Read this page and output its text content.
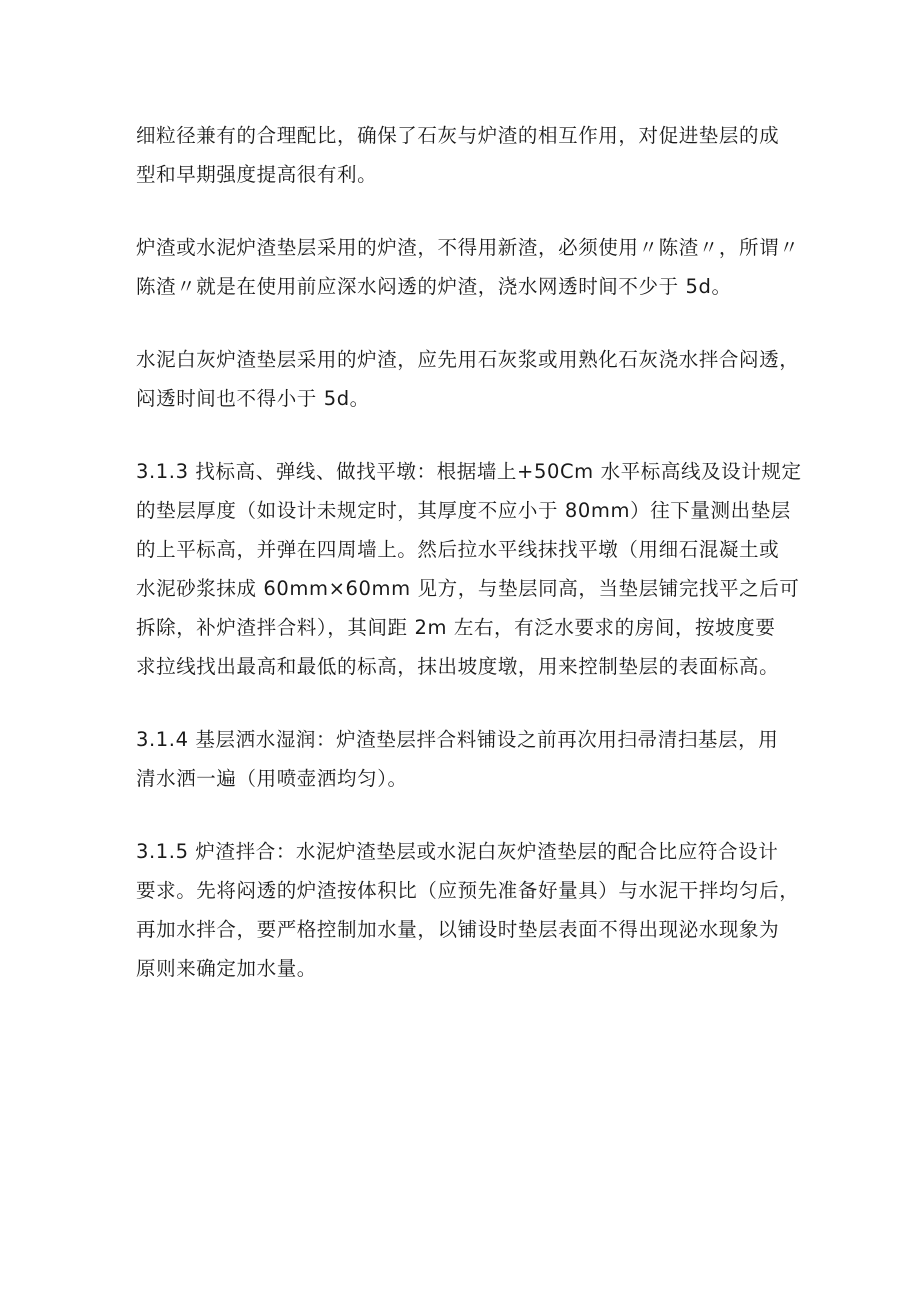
细粒径兼有的合理配比，确保了石灰与炉渣的相互作用，对促进垫层的成
型和早期强度提高很有利。

炉渣或水泥炉渣垫层采用的炉渣，不得用新渣，必须使用〃陈渣〃，所谓〃
陈渣〃就是在使用前应深水闷透的炉渣，浇水网透时间不少于 5d。

水泥白灰炉渣垫层采用的炉渣，应先用石灰浆或用熟化石灰浇水拌合闷透，
闷透时间也不得小于 5d。

3.1.3 找标高、弹线、做找平墩：根据墙上+50Cm 水平标高线及设计规定
的垫层厚度（如设计未规定时，其厚度不应小于 80mm）往下量测出垫层
的上平标高，并弹在四周墙上。然后拉水平线抹找平墩（用细石混凝土或
水泥砂浆抹成 60mm×60mm 见方，与垫层同高，当垫层铺完找平之后可
拆除，补炉渣拌合料），其间距 2m 左右，有泛水要求的房间，按坡度要
求拉线找出最高和最低的标高，抹出坡度墩，用来控制垫层的表面标高。

3.1.4 基层洒水湿润：炉渣垫层拌合料铺设之前再次用扫帚清扫基层，用
清水洒一遍（用喷壶洒均匀）。

3.1.5 炉渣拌合：水泥炉渣垫层或水泥白灰炉渣垫层的配合比应符合设计
要求。先将闷透的炉渣按体积比（应预先准备好量具）与水泥干拌均匀后，
再加水拌合，要严格控制加水量，以铺设时垫层表面不得出现泌水现象为
原则来确定加水量。
